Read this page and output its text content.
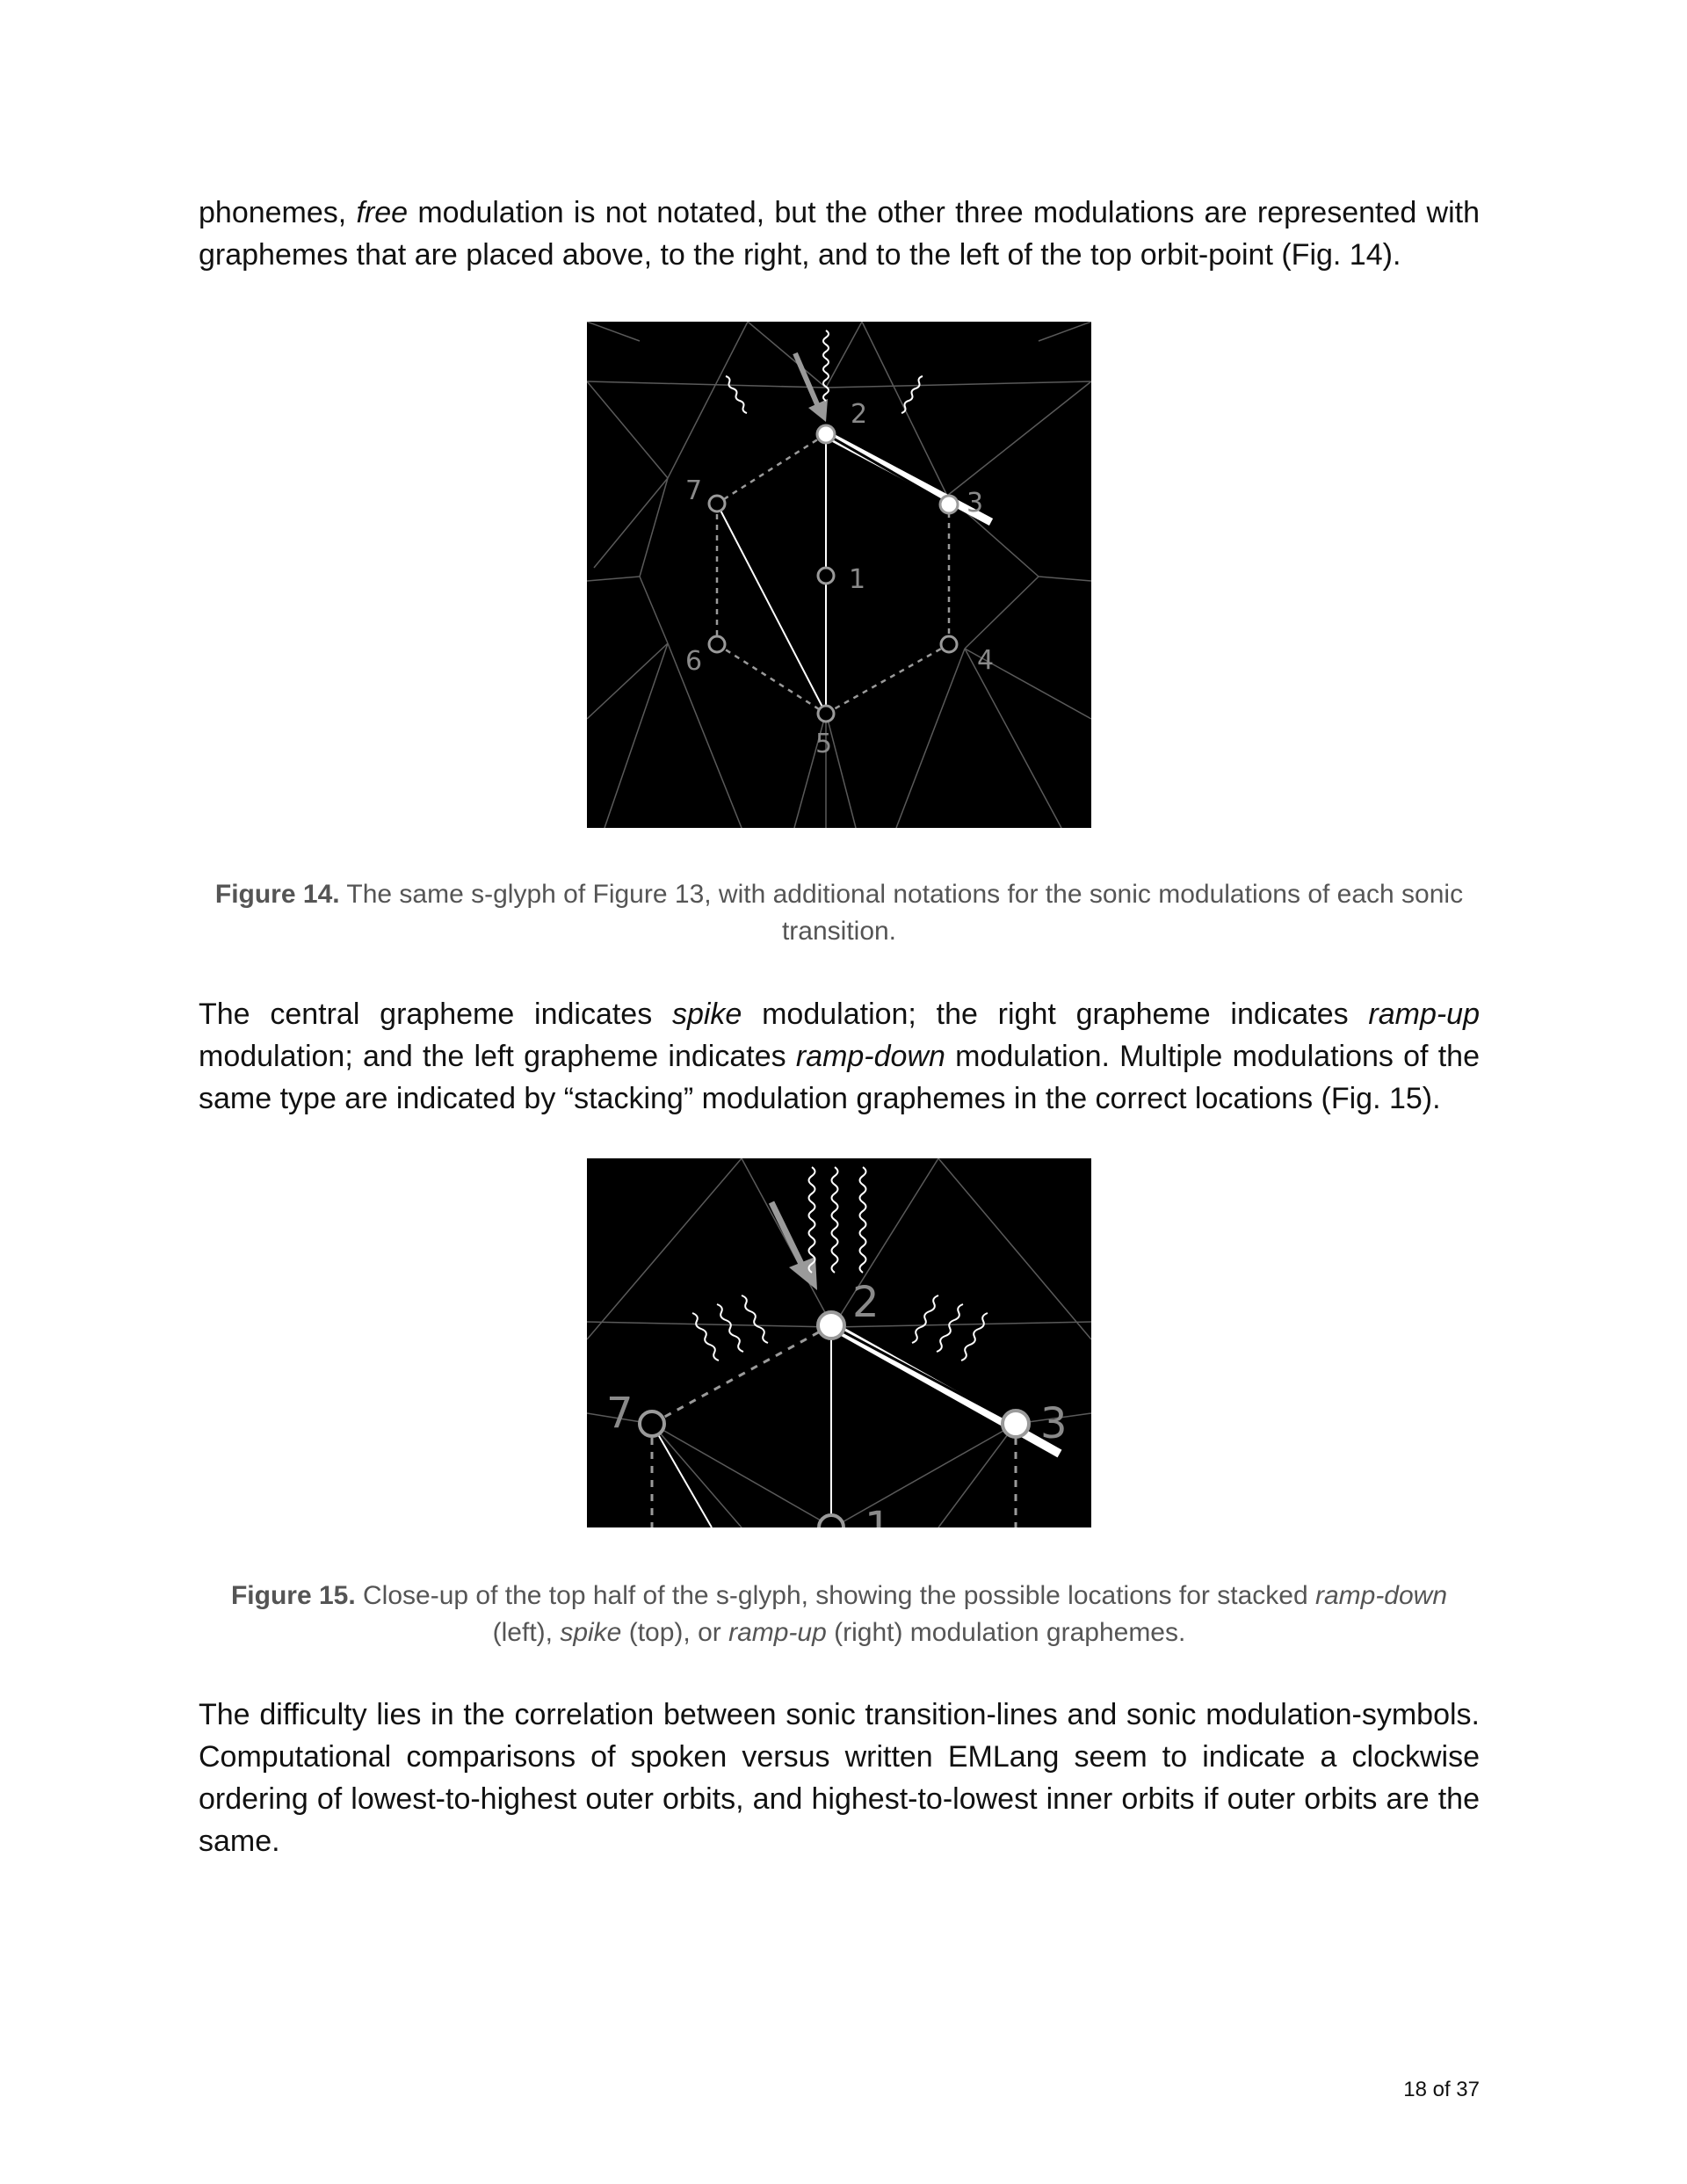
phonemes, free modulation is not notated, but the other three modulations are represented with graphemes that are placed above, to the right, and to the left of the top orbit-point (Fig. 14).

1
2
3
4
5
6
7
Figure 14. The same s-glyph of Figure 13, with additional notations for the sonic modulations of each sonic transition.

The central grapheme indicates spike modulation; the right grapheme indicates ramp-up modulation; and the left grapheme indicates ramp-down modulation. Multiple modulations of the same type are indicated by “stacking” modulation graphemes in the correct locations (Fig. 15).

2
3
7
1
Figure 15. Close-up of the top half of the s-glyph, showing the possible locations for stacked ramp-down (left), spike (top), or ramp-up (right) modulation graphemes.

The difficulty lies in the correlation between sonic transition-lines and sonic modulation-symbols. Computational comparisons of spoken versus written EMLang seem to indicate a clockwise ordering of lowest-to-highest outer orbits, and highest-to-lowest inner orbits if outer orbits are the same.

18 of 37
